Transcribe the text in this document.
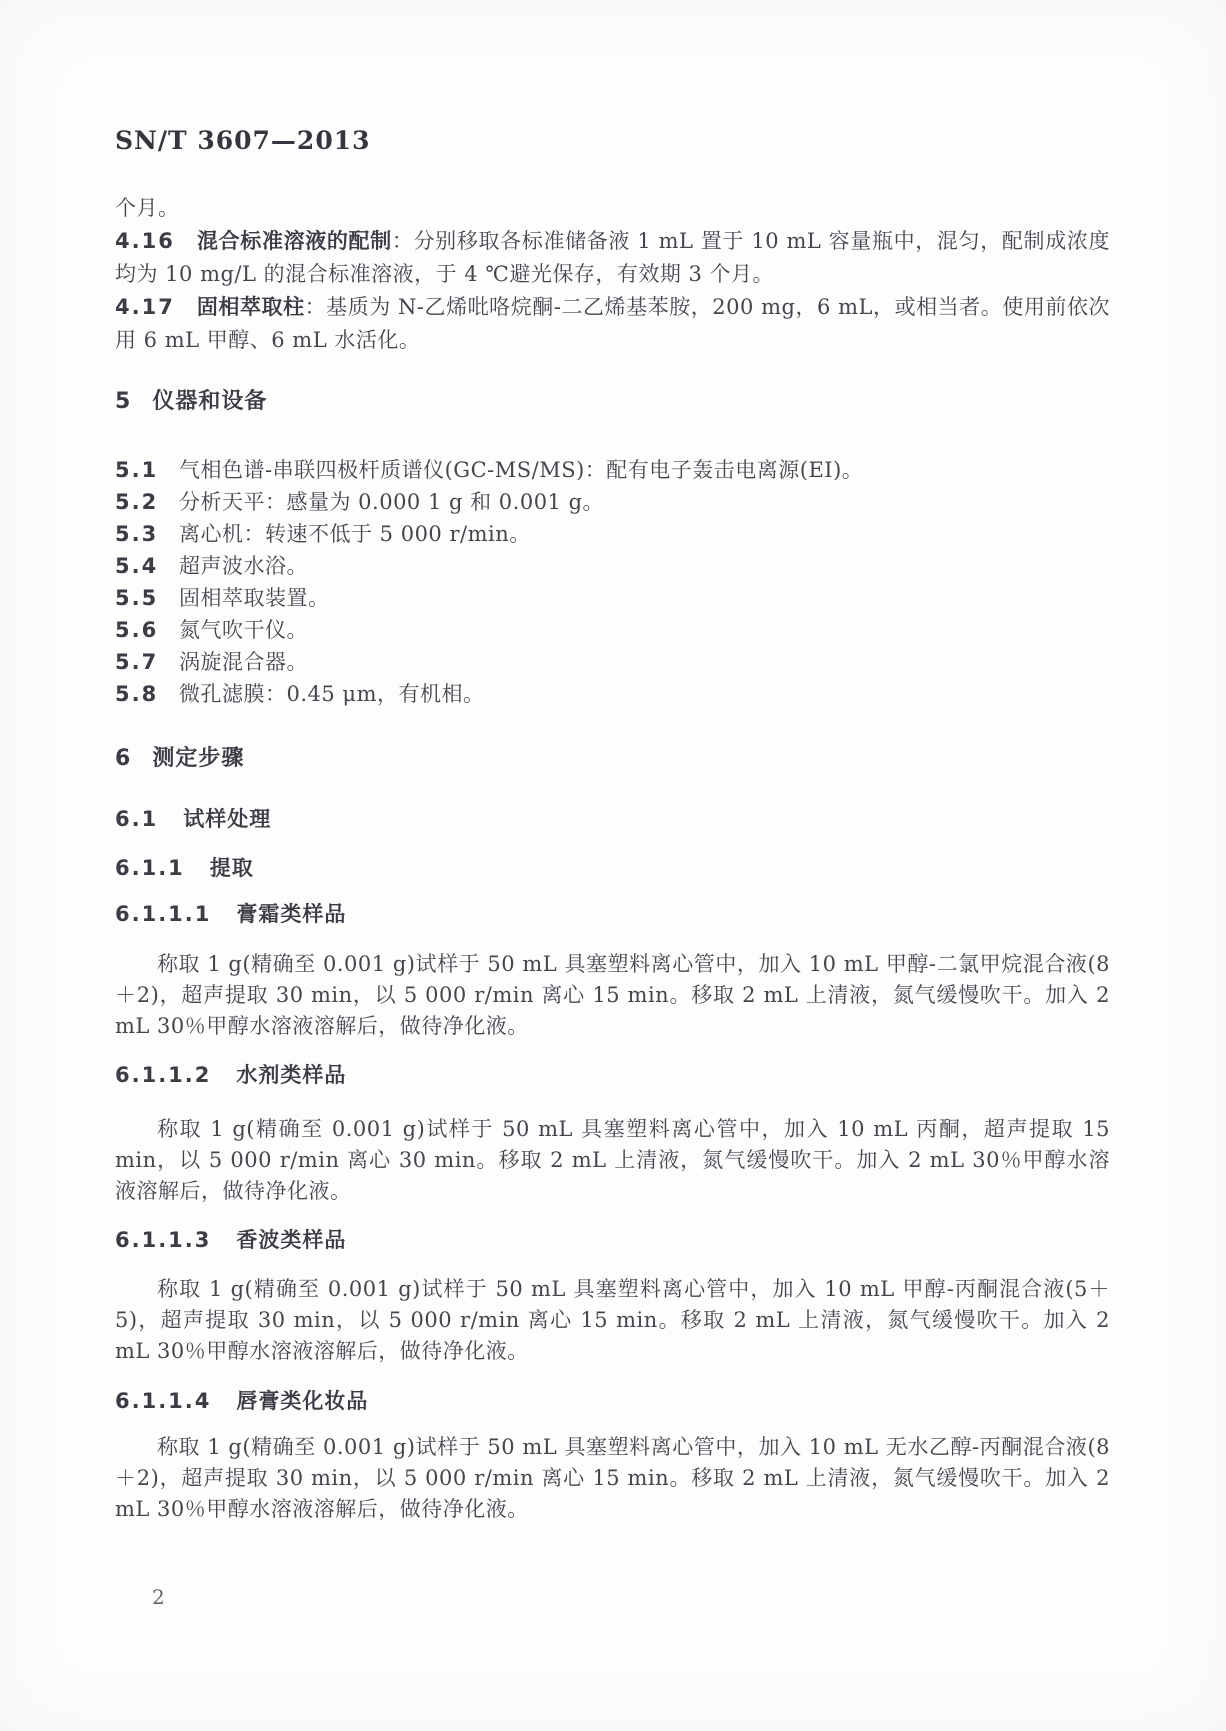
SN/T 3607—2013
个月。
4.16 混合标准溶液的配制：分别移取各标准储备液 1 mL 置于 10 mL 容量瓶中，混匀，配制成浓度均为 10 mg/L 的混合标准溶液，于 4 ℃避光保存，有效期 3 个月。
4.17 固相萃取柱：基质为 N-乙烯吡咯烷酮-二乙烯基苯胺，200 mg，6 mL，或相当者。使用前依次用 6 mL 甲醇、6 mL 水活化。
5 仪器和设备
5.1 气相色谱-串联四极杆质谱仪(GC-MS/MS)：配有电子轰击电离源(EI)。
5.2 分析天平：感量为 0.000 1 g 和 0.001 g。
5.3 离心机：转速不低于 5 000 r/min。
5.4 超声波水浴。
5.5 固相萃取装置。
5.6 氮气吹干仪。
5.7 涡旋混合器。
5.8 微孔滤膜：0.45 μm，有机相。
6 测定步骤
6.1 试样处理
6.1.1 提取
6.1.1.1 膏霜类样品
称取 1 g(精确至 0.001 g)试样于 50 mL 具塞塑料离心管中，加入 10 mL 甲醇-二氯甲烷混合液(8＋2)，超声提取 30 min，以 5 000 r/min 离心 15 min。移取 2 mL 上清液，氮气缓慢吹干。加入 2 mL 30％甲醇水溶液溶解后，做待净化液。
6.1.1.2 水剂类样品
称取 1 g(精确至 0.001 g)试样于 50 mL 具塞塑料离心管中，加入 10 mL 丙酮，超声提取 15 min，以 5 000 r/min 离心 30 min。移取 2 mL 上清液，氮气缓慢吹干。加入 2 mL 30％甲醇水溶液溶解后，做待净化液。
6.1.1.3 香波类样品
称取 1 g(精确至 0.001 g)试样于 50 mL 具塞塑料离心管中，加入 10 mL 甲醇-丙酮混合液(5＋5)，超声提取 30 min，以 5 000 r/min 离心 15 min。移取 2 mL 上清液，氮气缓慢吹干。加入 2 mL 30％甲醇水溶液溶解后，做待净化液。
6.1.1.4 唇膏类化妆品
称取 1 g(精确至 0.001 g)试样于 50 mL 具塞塑料离心管中，加入 10 mL 无水乙醇-丙酮混合液(8＋2)，超声提取 30 min，以 5 000 r/min 离心 15 min。移取 2 mL 上清液，氮气缓慢吹干。加入 2 mL 30％甲醇水溶液溶解后，做待净化液。
2
